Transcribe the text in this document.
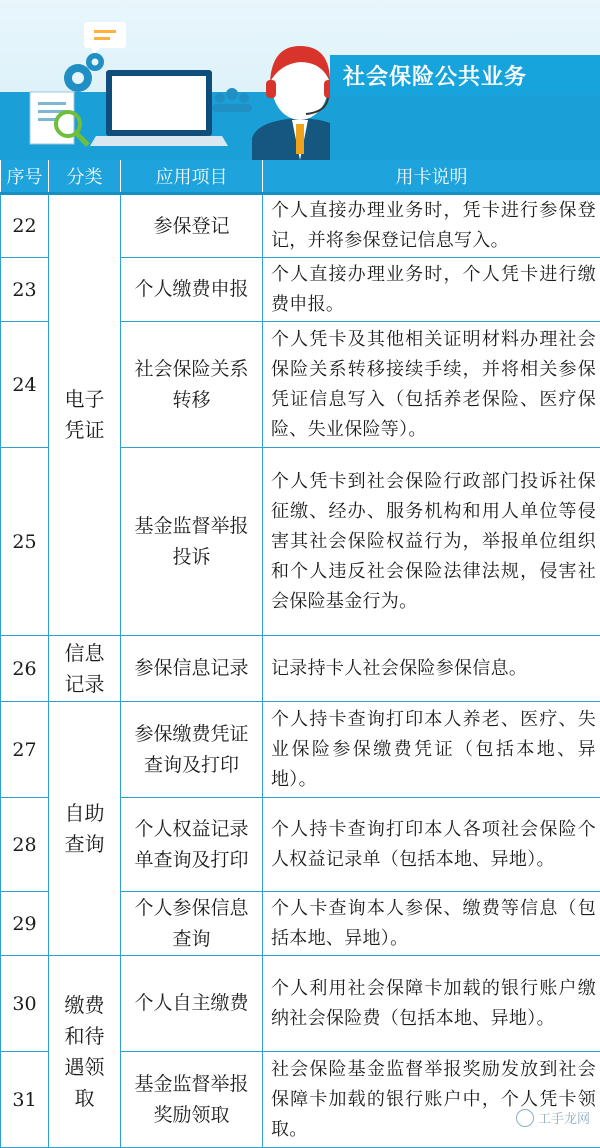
社会保险公共业务
序号	分类	应用项目	用卡说明
22	电子凭证	参保登记	个人直接办理业务时，凭卡进行参保登记，并将参保登记信息写入。

23		个人缴费申报	个人直接办理业务时，个人凭卡进行缴费申报。

24		社会保险关系转移	个人凭卡及其他相关证明材料办理社会保险关系转移接续手续，并将相关参保凭证信息写入（包括养老保险、医疗保险、失业保险等）。

25		基金监督举报投诉	个人凭卡到社会保险行政部门投诉社保征缴、经办、服务机构和用人单位等侵害其社会保险权益行为，举报单位组织和个人违反社会保险法律法规，侵害社会保险基金行为。

26	信息记录	参保信息记录	记录持卡人社会保险参保信息。

27	自助查询	参保缴费凭证查询及打印	个人持卡查询打印本人养老、医疗、失业保险参保缴费凭证（包括本地、异地）。

28		个人权益记录单查询及打印	个人持卡查询打印本人各项社会保险个人权益记录单（包括本地、异地）。

29		个人参保信息查询	个人卡查询本人参保、缴费等信息（包括本地、异地）。

30	缴费和待遇领取	个人自主缴费	个人利用社会保障卡加载的银行账户缴纳社会保险费（包括本地、异地）。

31		基金监督举报奖励领取	社会保险基金监督举报奖励发放到社会保障卡加载的银行账户中，个人凭卡领取。	工手龙网
